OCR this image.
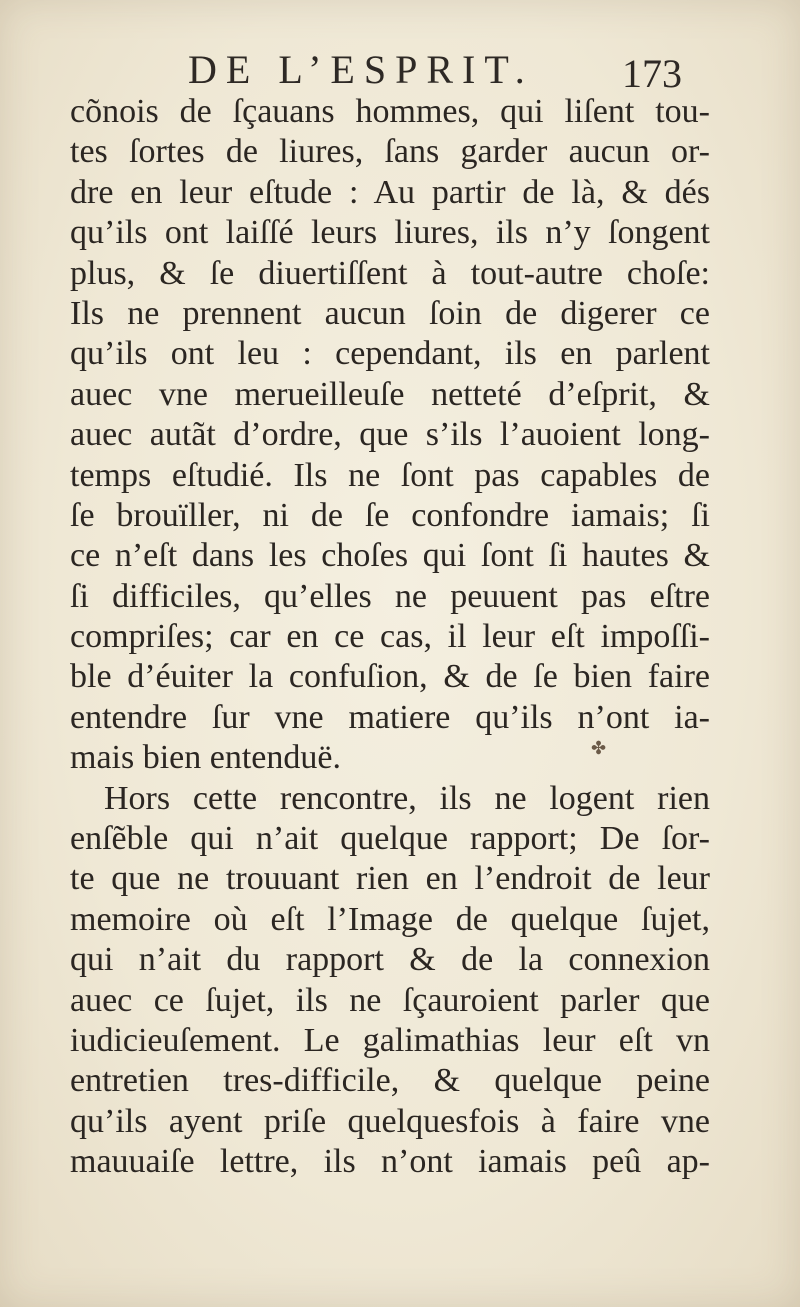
DE L’ESPRIT. 173
cõnois de ſçauans hommes, qui liſent tou-
tes ſortes de liures, ſans garder aucun or-
dre en leur eſtude : Au partir de là, & dés
qu’ils ont laiſſé leurs liures, ils n’y ſongent
plus, & ſe diuertiſſent à tout-autre choſe:
Ils ne prennent aucun ſoin de digerer ce
qu’ils ont leu : cependant, ils en parlent
auec vne merueilleuſe netteté d’eſprit, &
auec autãt d’ordre, que s’ils l’auoient long-
temps eſtudié. Ils ne ſont pas capables de
ſe brouïller, ni de ſe confondre iamais; ſi
ce n’eſt dans les choſes qui ſont ſi hautes &
ſi difficiles, qu’elles ne peuuent pas eſtre
compriſes; car en ce cas, il leur eſt impoſſi-
ble d’éuiter la confuſion, & de ſe bien faire
entendre ſur vne matiere qu’ils n’ont ia-
mais bien entenduë.
Hors cette rencontre, ils ne logent rien
enſẽble qui n’ait quelque rapport; De ſor-
te que ne trouuant rien en l’endroit de leur
memoire où eſt l’Image de quelque ſujet,
qui n’ait du rapport & de la connexion
auec ce ſujet, ils ne ſçauroient parler que
iudicieuſement. Le galimathias leur eſt vn
entretien tres-difficile, & quelque peine
qu’ils ayent priſe quelquesfois à faire vne
mauuaiſe lettre, ils n’ont iamais peû ap-
✤
